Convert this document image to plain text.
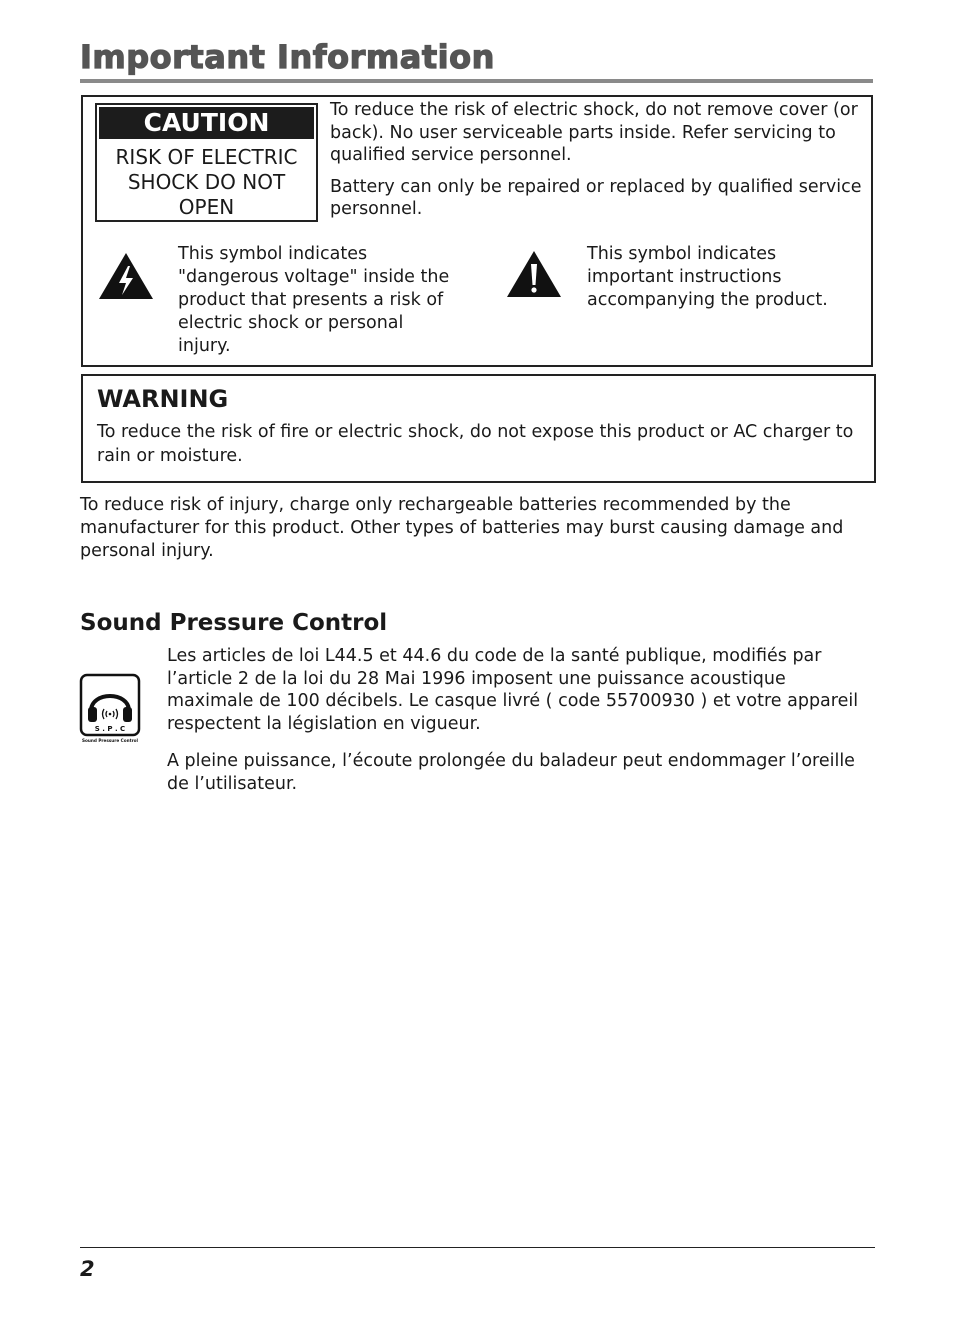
Important Information
CAUTION
RISK OF ELECTRIC SHOCK DO NOT OPEN

To reduce the risk of electric shock, do not remove cover (or back). No user serviceable parts inside. Refer servicing to qualified service personnel.

Battery can only be repaired or replaced by qualified service personnel.

This symbol indicates "dangerous voltage" inside the product that presents a risk of electric shock or personal injury.
This symbol indicates important instructions accompanying the product.
WARNING

To reduce the risk of fire or electric shock, do not expose this product or AC charger to rain or moisture.

To reduce risk of injury, charge only rechargeable batteries recommended by the manufacturer for this product. Other types of batteries may burst causing damage and personal injury.

Sound Pressure Control
S . P . C
Sound Pressure Control

Les articles de loi L44.5 et 44.6 du code de la santé publique, modifiés par l’article 2 de la loi du 28 Mai 1996 imposent une puissance acoustique maximale de 100 décibels. Le casque livré ( code 55700930 ) et votre appareil respectent la législation en vigueur.

A pleine puissance, l’écoute prolongée du baladeur peut endommager l’oreille de l’utilisateur.

2
